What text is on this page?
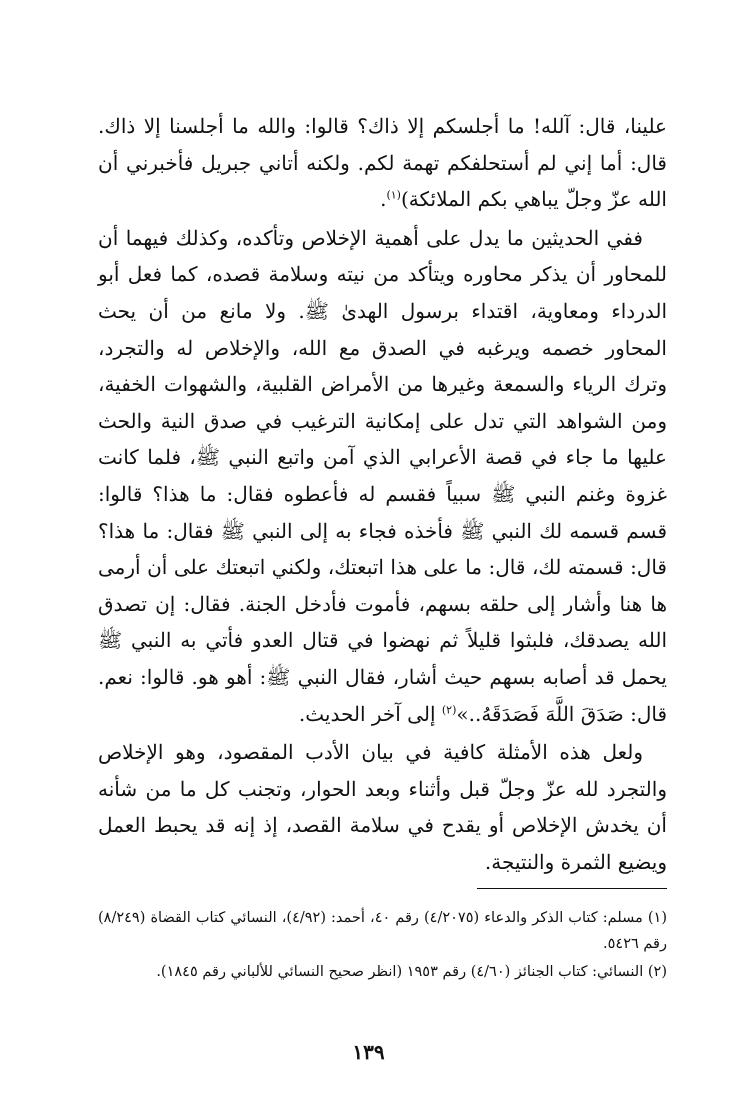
علينا، قال: آلله! ما أجلسكم إلا ذاك؟ قالوا: والله ما أجلسنا إلا ذاك. قال: أما إني لم أستحلفكم تهمة لكم. ولكنه أتاني جبريل فأخبرني أن الله عزّ وجلّ يباهي بكم الملائكة)$^{(١)}$.

ففي الحديثين ما يدل على أهمية الإخلاص وتأكده، وكذلك فيهما أن للمحاور أن يذكر محاوره ويتأكد من نيته وسلامة قصده، كما فعل أبو الدرداء ومعاوية، اقتداء برسول الهدىٰ ﷺ. ولا مانع من أن يحث المحاور خصمه ويرغبه في الصدق مع الله، والإخلاص له والتجرد، وترك الرياء والسمعة وغيرها من الأمراض القلبية، والشهوات الخفية، ومن الشواهد التي تدل على إمكانية الترغيب في صدق النية والحث عليها ما جاء في قصة الأعرابي الذي آمن واتبع النبي ﷺ، فلما كانت غزوة وغنم النبي ﷺ سبياً فقسم له فأعطوه فقال: ما هذا؟ قالوا: قسم قسمه لك النبي ﷺ فأخذه فجاء به إلى النبي ﷺ فقال: ما هذا؟ قال: قسمته لك، قال: ما على هذا اتبعتك، ولكني اتبعتك على أن أرمى ها هنا وأشار إلى حلقه بسهم، فأموت فأدخل الجنة. فقال: إن تصدق الله يصدقك، فلبثوا قليلاً ثم نهضوا في قتال العدو فأتي به النبي ﷺ يحمل قد أصابه بسهم حيث أشار، فقال النبي ﷺ: أهو هو. قالوا: نعم. قال: صَدَقَ اللَّهَ فَصَدَقَهُ..»$^{(٢)}$ إلى آخر الحديث.

ولعل هذه الأمثلة كافية في بيان الأدب المقصود، وهو الإخلاص والتجرد لله عزّ وجلّ قبل وأثناء وبعد الحوار، وتجنب كل ما من شأنه أن يخدش الإخلاص أو يقدح في سلامة القصد، إذ إنه قد يحبط العمل ويضيع الثمرة والنتيجة.

(١) مسلم: كتاب الذكر والدعاء (٤/٢٠٧٥) رقم ٤٠، أحمد: (٤/٩٢)، النسائي كتاب القضاة (٨/٢٤٩) رقم ٥٤٢٦.

(٢) النسائي: كتاب الجنائز (٤/٦٠) رقم ١٩٥٣ (انظر صحيح النسائي للألباني رقم ١٨٤٥).

١٣٩
